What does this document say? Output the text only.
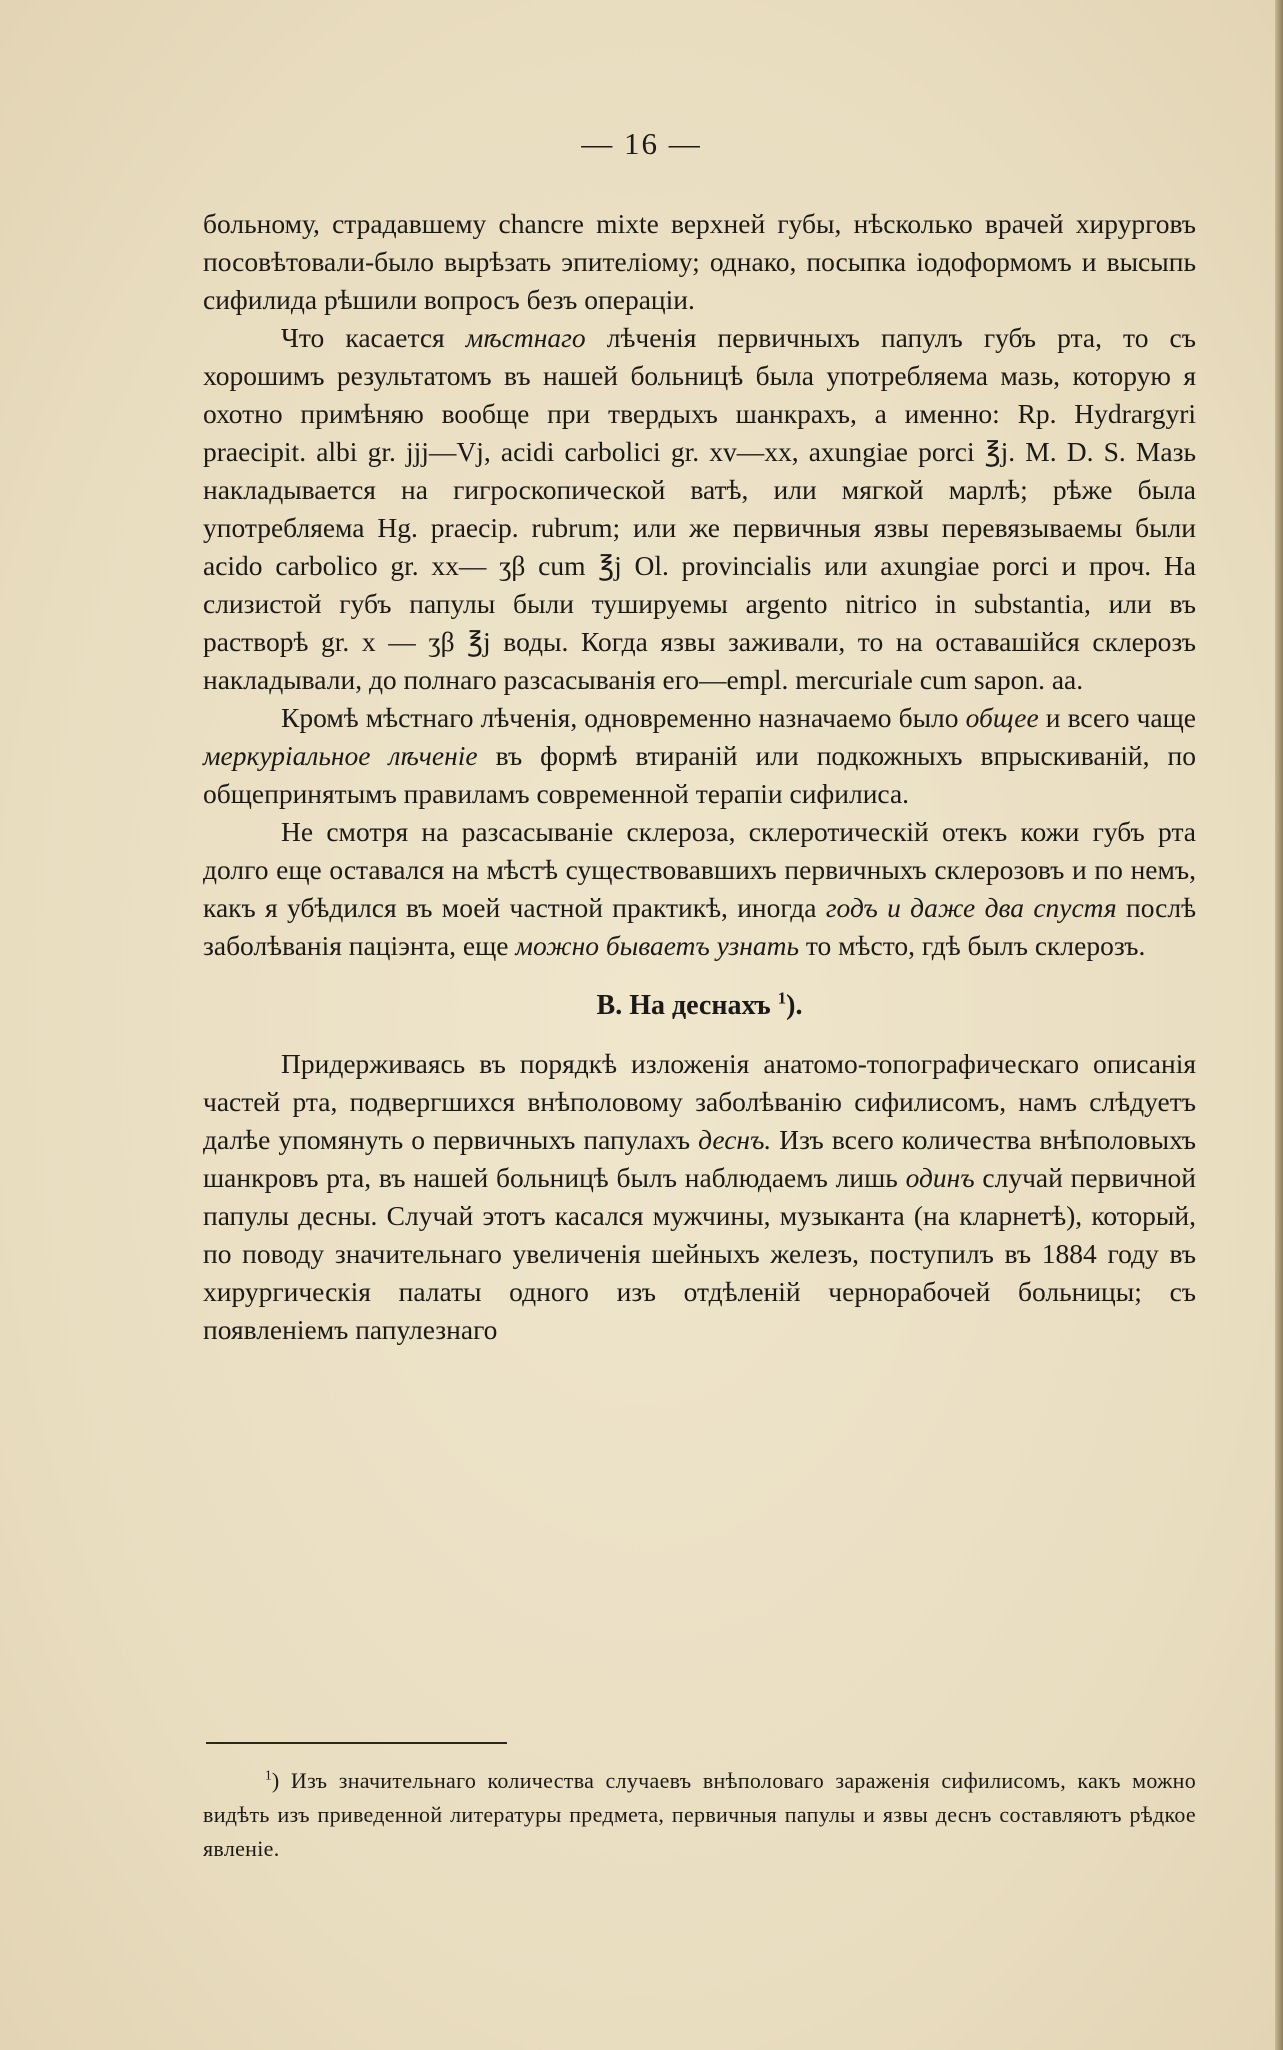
— 16 —

больному, страдавшему chancre mixte верхней губы, нѣсколько врачей хирурговъ посовѣтовали-было вырѣзать эпителіому; однако, посыпка іодоформомъ и высыпь сифилида рѣшили вопросъ безъ операціи.

Что касается мѣстнаго лѣченія первичныхъ папулъ губъ рта, то съ хорошимъ результатомъ въ нашей больницѣ была употребляема мазь, которую я охотно примѣняю вообще при твердыхъ шанкрахъ, а именно: Rp. Hydrargyri praecipit. albi gr. jjj—Vj, acidi carbolici gr. xv—xx, axungiae porci ℥j. M. D. S. Мазь накладывается на гигроскопической ватѣ, или мягкой марлѣ; рѣже была употребляема Hg. praecip. rubrum; или же первичныя язвы перевязываемы были acido carbolico gr. xx— ʒβ cum ℥j Ol. provincialis или axungiae porci и проч. На слизистой губъ папулы были тушируемы argento nitrico in substantia, или въ растворѣ gr. x — ʒβ ℥j воды. Когда язвы заживали, то на оставашійся склерозъ накладывали, до полнаго разсасыванія его—empl. mercuriale cum sapon. aa.

Кромѣ мѣстнаго лѣченія, одновременно назначаемо было общее и всего чаще меркуріальное лѣченіе въ формѣ втираній или подкожныхъ впрыскиваній, по общепринятымъ правиламъ современной терапіи сифилиса.

Не смотря на разсасываніе склероза, склеротическій отекъ кожи губъ рта долго еще оставался на мѣстѣ существовавшихъ первичныхъ склерозовъ и по немъ, какъ я убѣдился въ моей частной практикѣ, иногда годъ и даже два спустя послѣ заболѣванія паціэнта, еще можно бываетъ узнать то мѣсто, гдѣ былъ склерозъ.

B. На деснахъ $^1$).

Придерживаясь въ порядкѣ изложенія анатомо-топографическаго описанія частей рта, подвергшихся внѣполовому заболѣванію сифилисомъ, намъ слѣдуетъ далѣе упомянуть о первичныхъ папулахъ деснъ. Изъ всего количества внѣполовыхъ шанкровъ рта, въ нашей больницѣ былъ наблюдаемъ лишь одинъ случай первичной папулы десны. Случай этотъ касался мужчины, музыканта (на кларнетѣ), который, по поводу значительнаго увеличенія шейныхъ железъ, поступилъ въ 1884 году въ хирургическія палаты одного изъ отдѣленій чернорабочей больницы; съ появленіемъ папулезнаго

$^1$) Изъ значительнаго количества случаевъ внѣполоваго зараженія сифилисомъ, какъ можно видѣть изъ приведенной литературы предмета, первичныя папулы и язвы деснъ составляютъ рѣдкое явленіе.
